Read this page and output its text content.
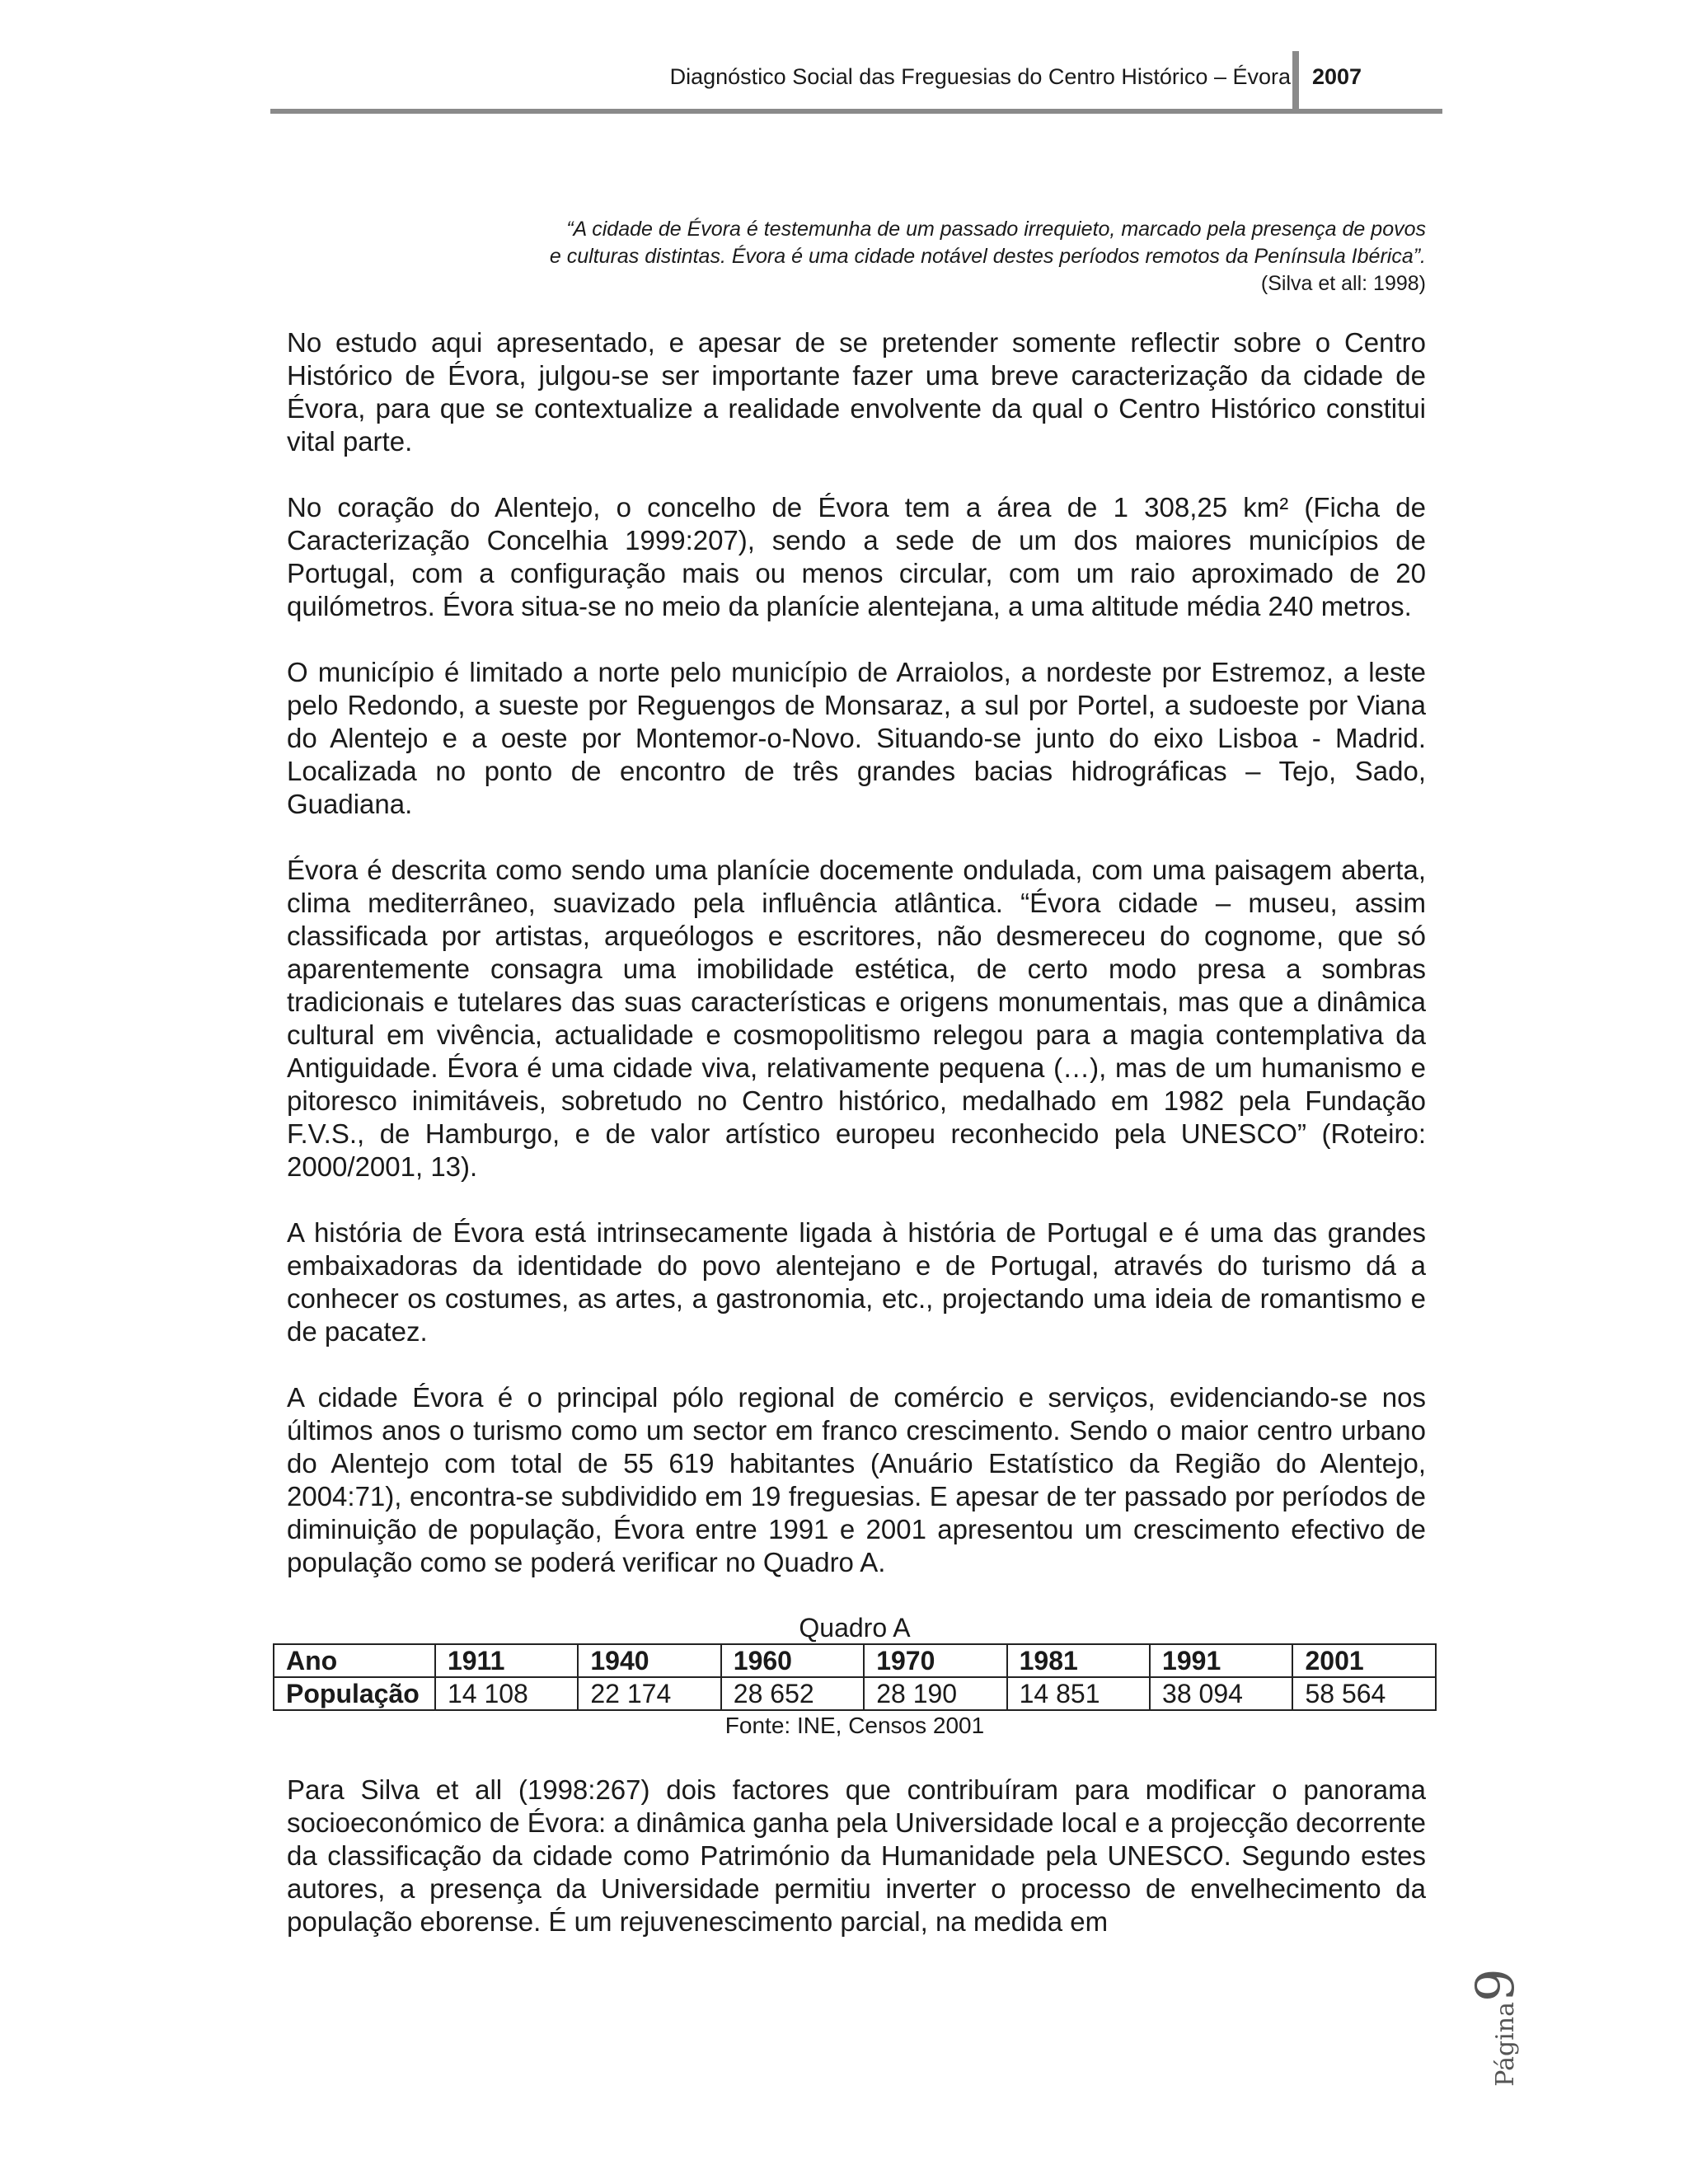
Diagnóstico Social das Freguesias do Centro Histórico – Évora 2007
“A cidade de Évora é testemunha de um passado irrequieto, marcado pela presença de povos
e culturas distintas. Évora é uma cidade notável destes períodos remotos da Península Ibérica”.
(Silva et all: 1998)

No estudo aqui apresentado, e apesar de se pretender somente reflectir sobre o Centro Histórico de Évora, julgou-se ser importante fazer uma breve caracterização da cidade de Évora, para que se contextualize a realidade envolvente da qual o Centro Histórico constitui vital parte.

No coração do Alentejo, o concelho de Évora tem a área de 1 308,25 km² (Ficha de Caracterização Concelhia 1999:207), sendo a sede de um dos maiores municípios de Portugal, com a configuração mais ou menos circular, com um raio aproximado de 20 quilómetros. Évora situa-se no meio da planície alentejana, a uma altitude média 240 metros.

O município é limitado a norte pelo município de Arraiolos, a nordeste por Estremoz, a leste pelo Redondo, a sueste por Reguengos de Monsaraz, a sul por Portel, a sudoeste por Viana do Alentejo e a oeste por Montemor-o-Novo. Situando-se junto do eixo Lisboa - Madrid. Localizada no ponto de encontro de três grandes bacias hidrográficas – Tejo, Sado, Guadiana.

Évora é descrita como sendo uma planície docemente ondulada, com uma paisagem aberta, clima mediterrâneo, suavizado pela influência atlântica. “Évora cidade – museu, assim classificada por artistas, arqueólogos e escritores, não desmereceu do cognome, que só aparentemente consagra uma imobilidade estética, de certo modo presa a sombras tradicionais e tutelares das suas características e origens monumentais, mas que a dinâmica cultural em vivência, actualidade e cosmopolitismo relegou para a magia contemplativa da Antiguidade. Évora é uma cidade viva, relativamente pequena (…), mas de um humanismo e pitoresco inimitáveis, sobretudo no Centro histórico, medalhado em 1982 pela Fundação F.V.S., de Hamburgo, e de valor artístico europeu reconhecido pela UNESCO” (Roteiro: 2000/2001, 13).

A história de Évora está intrinsecamente ligada à história de Portugal e é uma das grandes embaixadoras da identidade do povo alentejano e de Portugal, através do turismo dá a conhecer os costumes, as artes, a gastronomia, etc., projectando uma ideia de romantismo e de pacatez.

A cidade Évora é o principal pólo regional de comércio e serviços, evidenciando-se nos últimos anos o turismo como um sector em franco crescimento. Sendo o maior centro urbano do Alentejo com total de 55 619 habitantes (Anuário Estatístico da Região do Alentejo, 2004:71), encontra-se subdividido em 19 freguesias. E apesar de ter passado por períodos de diminuição de população, Évora entre 1991 e 2001 apresentou um crescimento efectivo de população como se poderá verificar no Quadro A.

Quadro A
Ano	1911	1940	1960	1970	1981	1991	2001
População	14 108	22 174	28 652	28 190	14 851	38 094	58 564
Fonte: INE, Censos 2001

Para Silva et all (1998:267) dois factores que contribuíram para modificar o panorama socioeconómico de Évora: a dinâmica ganha pela Universidade local e a projecção decorrente da classificação da cidade como Património da Humanidade pela UNESCO. Segundo estes autores, a presença da Universidade permitiu inverter o processo de envelhecimento da população eborense. É um rejuvenescimento parcial, na medida em

Página9
